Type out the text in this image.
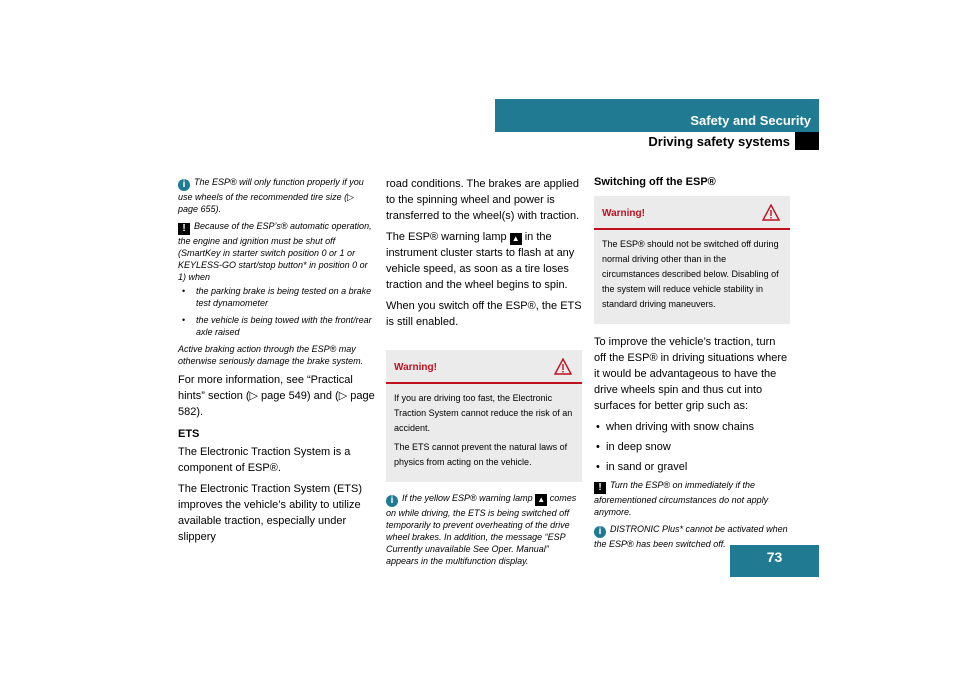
Safety and Security
Driving safety systems
i The ESP® will only function properly if you use wheels of the recommended tire size (▷ page 655).
! Because of the ESP’s® automatic operation, the engine and ignition must be shut off (SmartKey in starter switch position 0 or 1 or KEYLESS-GO start/stop button* in position 0 or 1) when
• the parking brake is being tested on a brake test dynamometer
• the vehicle is being towed with the front/rear axle raised
Active braking action through the ESP® may otherwise seriously damage the brake system.

For more information, see “Practical hints” section (▷ page 549) and (▷ page 582).

ETS

The Electronic Traction System is a component of ESP®.

The Electronic Traction System (ETS) improves the vehicle’s ability to utilize available traction, especially under slippery

road conditions. The brakes are applied to the spinning wheel and power is transferred to the wheel(s) with traction.

The ESP® warning lamp ▲ in the instrument cluster starts to flash at any vehicle speed, as soon as a tire loses traction and the wheel begins to spin.

When you switch off the ESP®, the ETS is still enabled.

Warning!

If you are driving too fast, the Electronic Traction System cannot reduce the risk of an accident.

The ETS cannot prevent the natural laws of physics from acting on the vehicle.

i If the yellow ESP® warning lamp ▲ comes on while driving, the ETS is being switched off temporarily to prevent overheating of the drive wheel brakes. In addition, the message “ESP Currently unavailable See Oper. Manual” appears in the multifunction display.
Switching off the ESP®
Warning!

The ESP® should not be switched off during normal driving other than in the circumstances described below. Disabling of the system will reduce vehicle stability in standard driving maneuvers.

To improve the vehicle’s traction, turn off the ESP® in driving situations where it would be advantageous to have the drive wheels spin and thus cut into surfaces for better grip such as:

• when driving with snow chains
• in deep snow
• in sand or gravel
! Turn the ESP® on immediately if the aforementioned circumstances do not apply anymore.
i DISTRONIC Plus* cannot be activated when the ESP® has been switched off.
73
